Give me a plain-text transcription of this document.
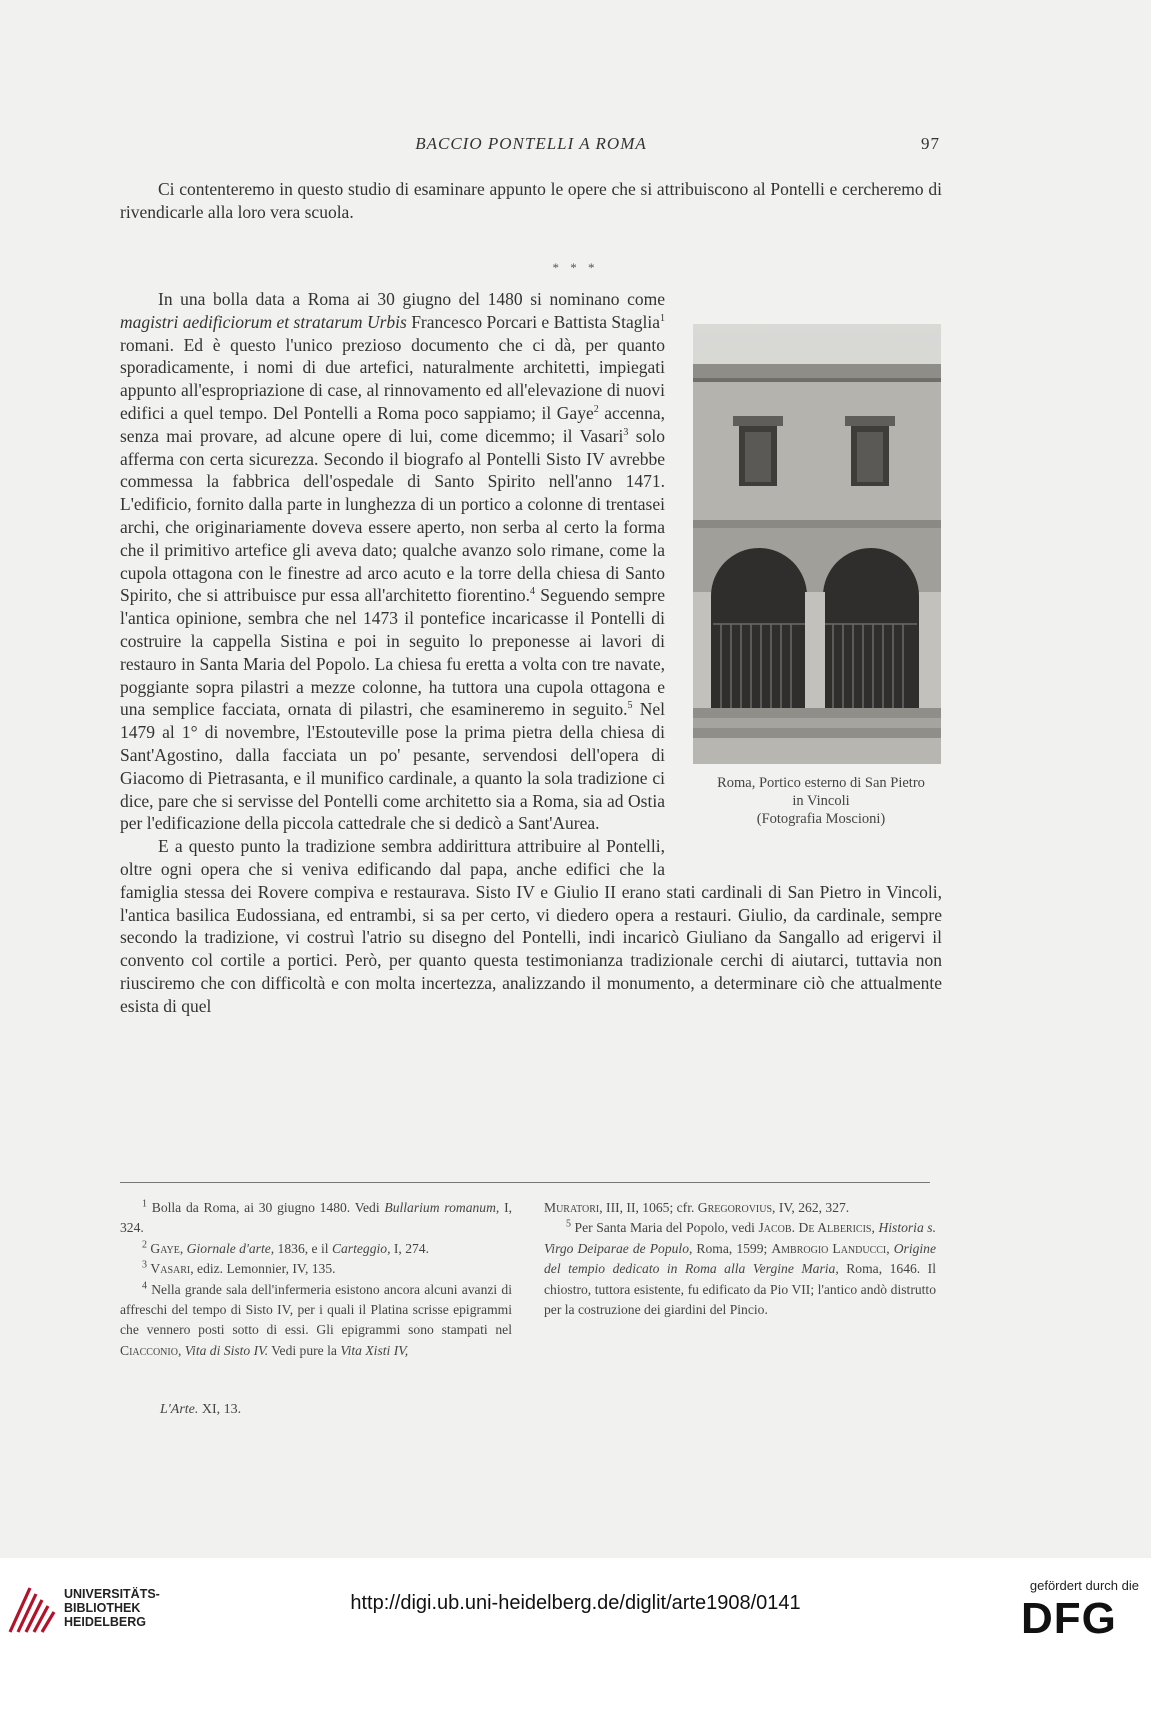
BACCIO PONTELLI A ROMA	97

Ci contenteremo in questo studio di esaminare appunto le opere che si attribuiscono al Pontelli e cercheremo di rivendicarle alla loro vera scuola.

* * *
Roma, Portico esterno di San Pietro
in Vincoli
(Fotografia Moscioni)

In una bolla data a Roma ai 30 giugno del 1480 si nominano come magistri aedificiorum et stratarum Urbis Francesco Porcari e Battista Staglia$^1$ romani. Ed è questo l'unico prezioso documento che ci dà, per quanto sporadicamente, i nomi di due artefici, naturalmente architetti, impiegati appunto all'espropriazione di case, al rinnovamento ed all'elevazione di nuovi edifici a quel tempo. Del Pontelli a Roma poco sappiamo; il Gaye$^2$ accenna, senza mai provare, ad alcune opere di lui, come dicemmo; il Vasari$^3$ solo afferma con certa sicurezza. Secondo il biografo al Pontelli Sisto IV avrebbe commessa la fabbrica dell'ospedale di Santo Spirito nell'anno 1471. L'edificio, fornito dalla parte in lunghezza di un portico a colonne di trentasei archi, che originariamente doveva essere aperto, non serba al certo la forma che il primitivo artefice gli aveva dato; qualche avanzo solo rimane, come la cupola ottagona con le finestre ad arco acuto e la torre della chiesa di Santo Spirito, che si attribuisce pur essa all'architetto fiorentino.$^4$ Seguendo sempre l'antica opinione, sembra che nel 1473 il pontefice incaricasse il Pontelli di costruire la cappella Sistina e poi in seguito lo preponesse ai lavori di restauro in Santa Maria del Popolo. La chiesa fu eretta a volta con tre navate, poggiante sopra pilastri a mezze colonne, ha tuttora una cupola ottagona e una semplice facciata, ornata di pilastri, che esamineremo in seguito.$^5$ Nel 1479 al 1° di novembre, l'Estouteville pose la prima pietra della chiesa di Sant'Agostino, dalla facciata un po' pesante, servendosi dell'opera di Giacomo di Pietrasanta, e il munifico cardinale, a quanto la sola tradizione ci dice, pare che si servisse del Pontelli come architetto sia a Roma, sia ad Ostia per l'edificazione della piccola cattedrale che si dedicò a Sant'Aurea.

E a questo punto la tradizione sembra addirittura attribuire al Pontelli, oltre ogni opera che si veniva edificando dal papa, anche edifici che la famiglia stessa dei Rovere compiva e restaurava. Sisto IV e Giulio II erano stati cardinali di San Pietro in Vincoli, l'antica basilica Eudossiana, ed entrambi, si sa per certo, vi diedero opera a restauri. Giulio, da cardinale, sempre secondo la tradizione, vi costruì l'atrio su disegno del Pontelli, indi incaricò Giuliano da Sangallo ad erigervi il convento col cortile a portici. Però, per quanto questa testimonianza tradizionale cerchi di aiutarci, tuttavia non riusciremo che con difficoltà e con molta incertezza, analizzando il monumento, a determinare ciò che attualmente esista di quel

$^1$ Bolla da Roma, ai 30 giugno 1480. Vedi Bullarium romanum, I, 324.

$^2$ Gaye, Giornale d'arte, 1836, e il Carteggio, I, 274.

$^3$ Vasari, ediz. Lemonnier, IV, 135.

$^4$ Nella grande sala dell'infermeria esistono ancora alcuni avanzi di affreschi del tempo di Sisto IV, per i quali il Platina scrisse epigrammi che vennero posti sotto di essi. Gli epigrammi sono stampati nel Ciacconio, Vita di Sisto IV. Vedi pure la Vita Xisti IV,

Muratori, III, II, 1065; cfr. Gregorovius, IV, 262, 327.

$^5$ Per Santa Maria del Popolo, vedi Jacob. De Albericis, Historia s. Virgo Deiparae de Populo, Roma, 1599; Ambrogio Landucci, Origine del tempio dedicato in Roma alla Vergine Maria, Roma, 1646. Il chiostro, tuttora esistente, fu edificato da Pio VII; l'antico andò distrutto per la costruzione dei giardini del Pincio.

L'Arte. XI, 13.
UNIVERSITÄTS-
BIBLIOTHEK
HEIDELBERG
http://digi.ub.uni-heidelberg.de/diglit/arte1908/0141
gefördert durch die
DFG
